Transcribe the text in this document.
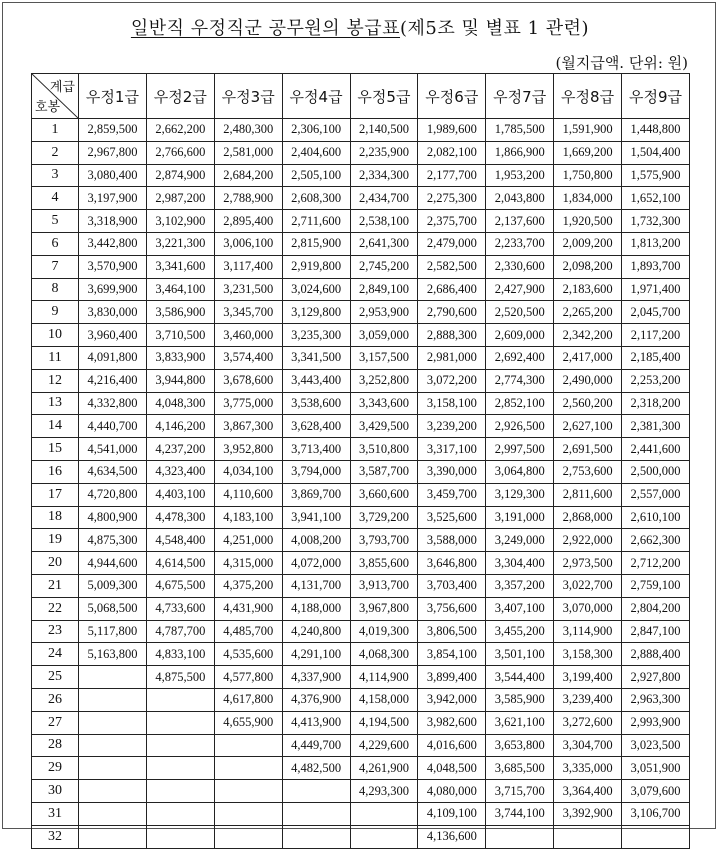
일반직 우정직군 공무원의 봉급표(제5조 및 별표 1 관련)
(월지급액. 단위: 원)
계급
호봉	우정1급	우정2급	우정3급	우정4급	우정5급	우정6급	우정7급	우정8급	우정9급
1	2,859,500	2,662,200	2,480,300	2,306,100	2,140,500	1,989,600	1,785,500	1,591,900	1,448,800
2	2,967,800	2,766,600	2,581,000	2,404,600	2,235,900	2,082,100	1,866,900	1,669,200	1,504,400
3	3,080,400	2,874,900	2,684,200	2,505,100	2,334,300	2,177,700	1,953,200	1,750,800	1,575,900
4	3,197,900	2,987,200	2,788,900	2,608,300	2,434,700	2,275,300	2,043,800	1,834,000	1,652,100
5	3,318,900	3,102,900	2,895,400	2,711,600	2,538,100	2,375,700	2,137,600	1,920,500	1,732,300
6	3,442,800	3,221,300	3,006,100	2,815,900	2,641,300	2,479,000	2,233,700	2,009,200	1,813,200
7	3,570,900	3,341,600	3,117,400	2,919,800	2,745,200	2,582,500	2,330,600	2,098,200	1,893,700
8	3,699,900	3,464,100	3,231,500	3,024,600	2,849,100	2,686,400	2,427,900	2,183,600	1,971,400
9	3,830,000	3,586,900	3,345,700	3,129,800	2,953,900	2,790,600	2,520,500	2,265,200	2,045,700
10	3,960,400	3,710,500	3,460,000	3,235,300	3,059,000	2,888,300	2,609,000	2,342,200	2,117,200
11	4,091,800	3,833,900	3,574,400	3,341,500	3,157,500	2,981,000	2,692,400	2,417,000	2,185,400
12	4,216,400	3,944,800	3,678,600	3,443,400	3,252,800	3,072,200	2,774,300	2,490,000	2,253,200
13	4,332,800	4,048,300	3,775,000	3,538,600	3,343,600	3,158,100	2,852,100	2,560,200	2,318,200
14	4,440,700	4,146,200	3,867,300	3,628,400	3,429,500	3,239,200	2,926,500	2,627,100	2,381,300
15	4,541,000	4,237,200	3,952,800	3,713,400	3,510,800	3,317,100	2,997,500	2,691,500	2,441,600
16	4,634,500	4,323,400	4,034,100	3,794,000	3,587,700	3,390,000	3,064,800	2,753,600	2,500,000
17	4,720,800	4,403,100	4,110,600	3,869,700	3,660,600	3,459,700	3,129,300	2,811,600	2,557,000
18	4,800,900	4,478,300	4,183,100	3,941,100	3,729,200	3,525,600	3,191,000	2,868,000	2,610,100
19	4,875,300	4,548,400	4,251,000	4,008,200	3,793,700	3,588,000	3,249,000	2,922,000	2,662,300
20	4,944,600	4,614,500	4,315,000	4,072,000	3,855,600	3,646,800	3,304,400	2,973,500	2,712,200
21	5,009,300	4,675,500	4,375,200	4,131,700	3,913,700	3,703,400	3,357,200	3,022,700	2,759,100
22	5,068,500	4,733,600	4,431,900	4,188,000	3,967,800	3,756,600	3,407,100	3,070,000	2,804,200
23	5,117,800	4,787,700	4,485,700	4,240,800	4,019,300	3,806,500	3,455,200	3,114,900	2,847,100
24	5,163,800	4,833,100	4,535,600	4,291,100	4,068,300	3,854,100	3,501,100	3,158,300	2,888,400
25		4,875,500	4,577,800	4,337,900	4,114,900	3,899,400	3,544,400	3,199,400	2,927,800
26			4,617,800	4,376,900	4,158,000	3,942,000	3,585,900	3,239,400	2,963,300
27			4,655,900	4,413,900	4,194,500	3,982,600	3,621,100	3,272,600	2,993,900
28				4,449,700	4,229,600	4,016,600	3,653,800	3,304,700	3,023,500
29				4,482,500	4,261,900	4,048,500	3,685,500	3,335,000	3,051,900
30					4,293,300	4,080,000	3,715,700	3,364,400	3,079,600
31						4,109,100	3,744,100	3,392,900	3,106,700
32						4,136,600			
